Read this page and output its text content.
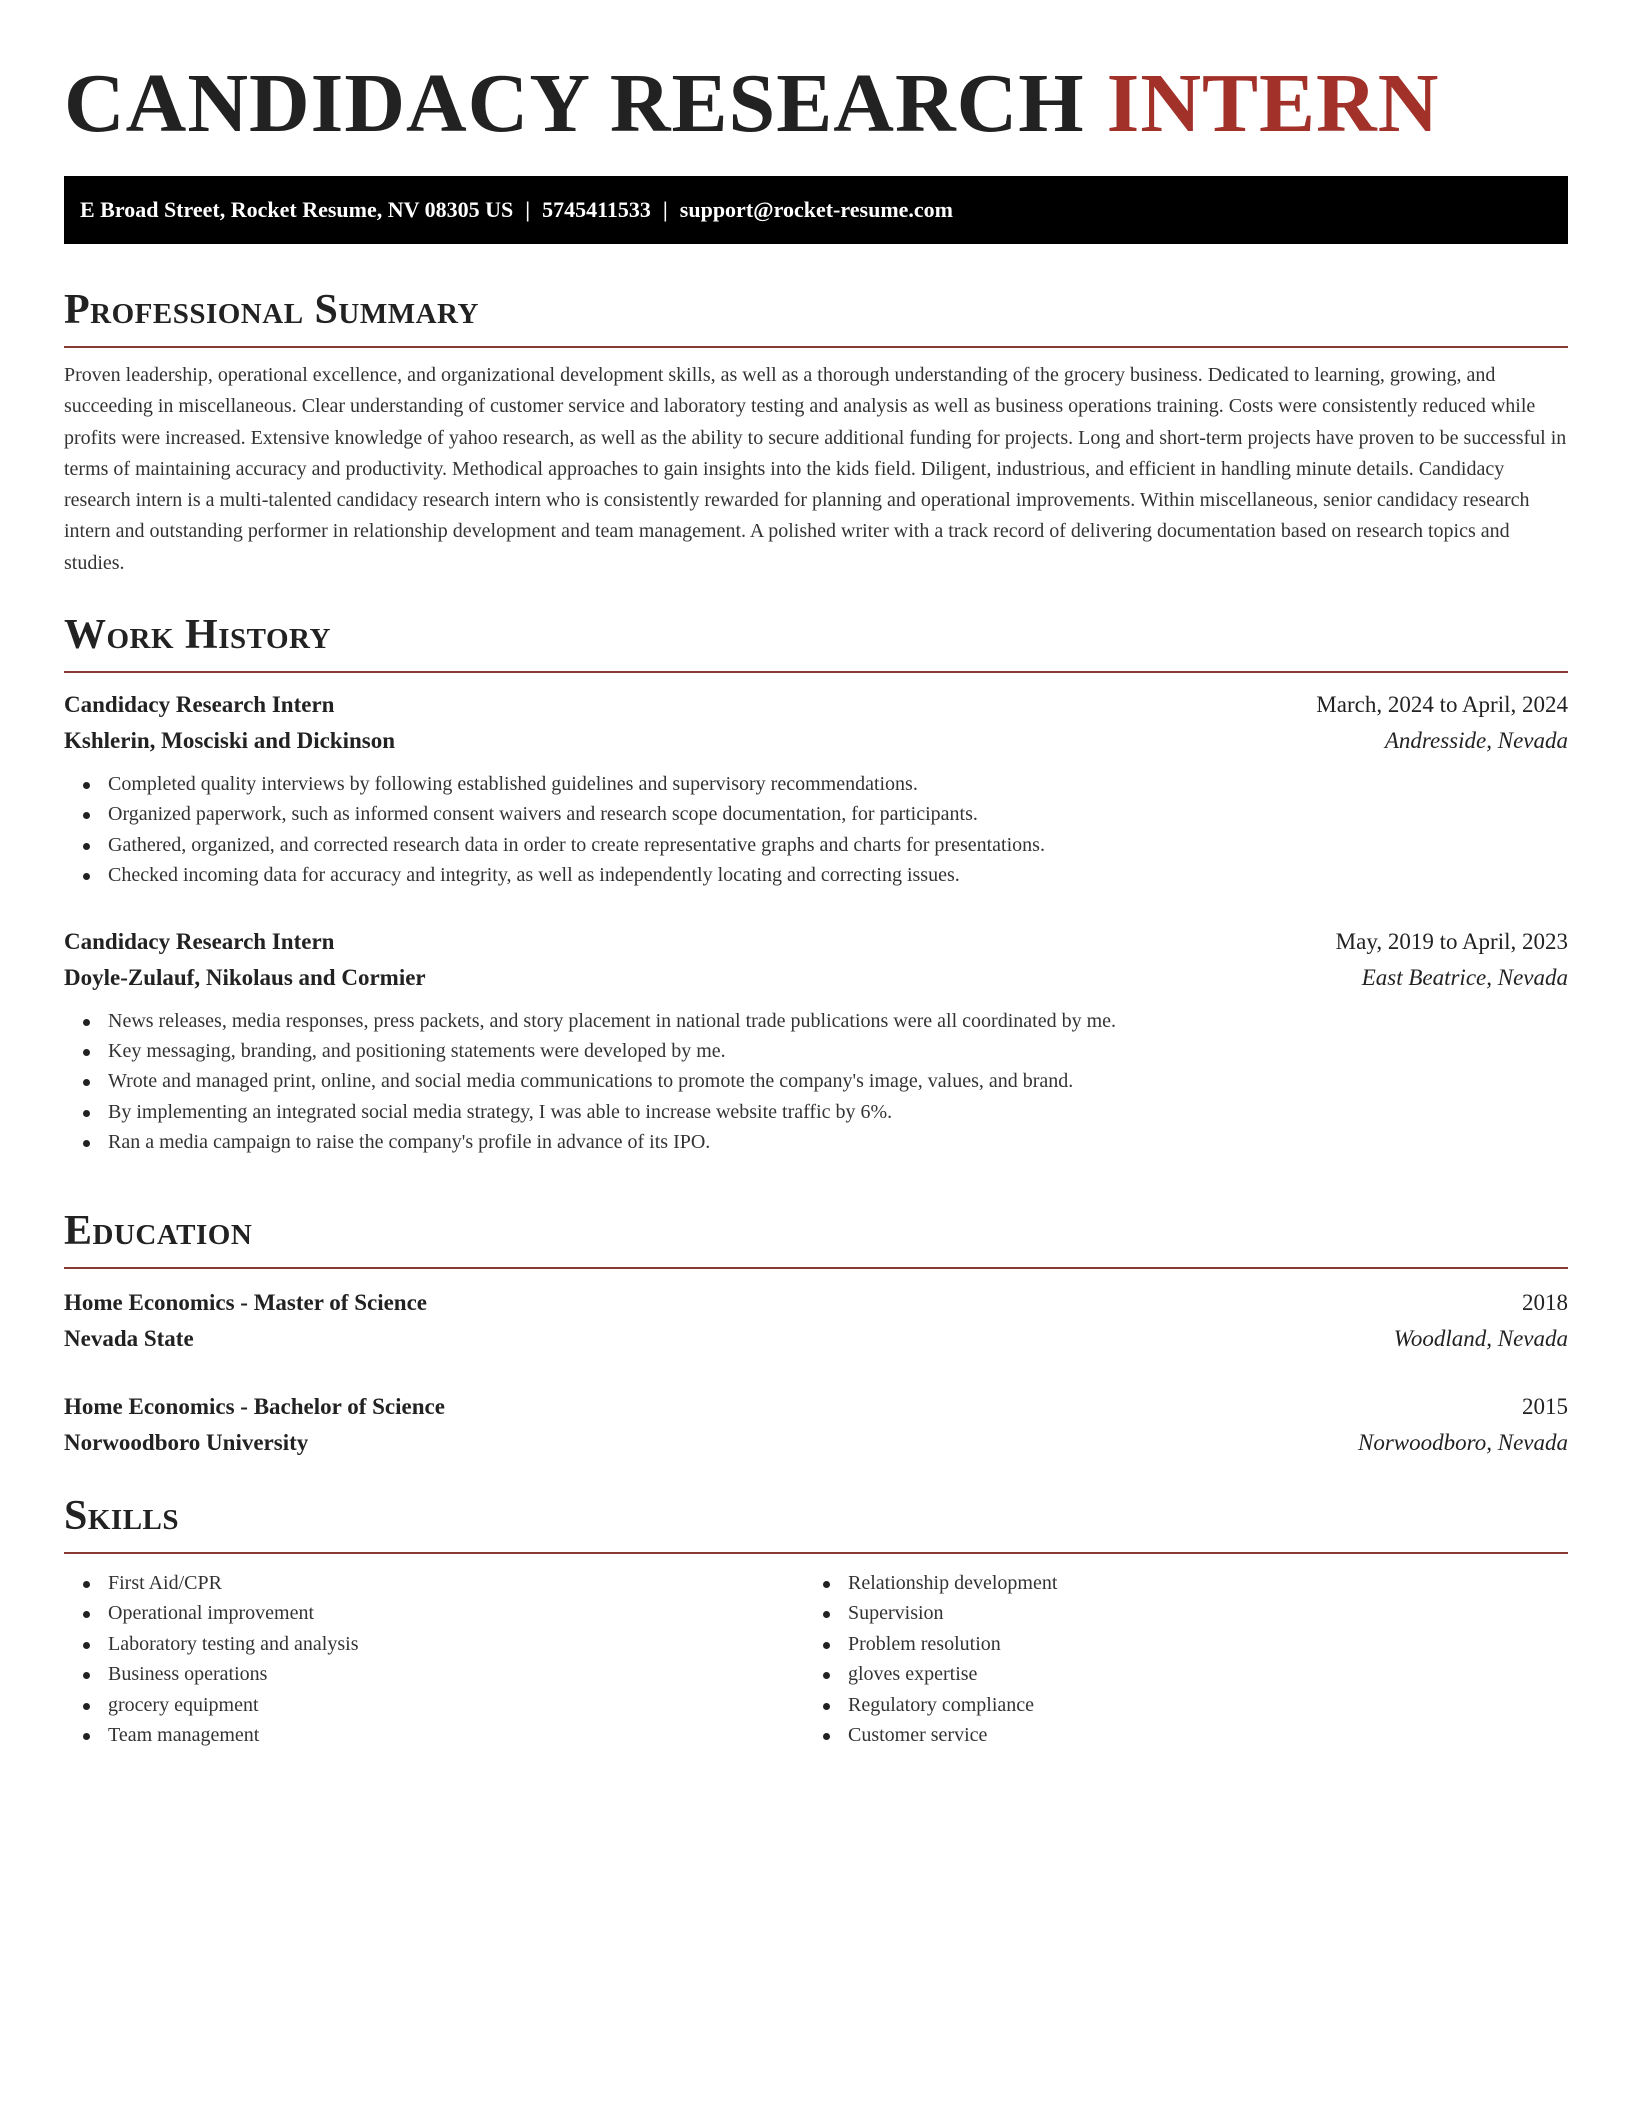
CANDIDACY RESEARCH INTERN
E Broad Street, Rocket Resume, NV 08305 US | 5745411533 | support@rocket-resume.com
Professional Summary

Proven leadership, operational excellence, and organizational development skills, as well as a thorough understanding of the grocery business. Dedicated to learning, growing, and succeeding in miscellaneous. Clear understanding of customer service and laboratory testing and analysis as well as business operations training. Costs were consistently reduced while profits were increased. Extensive knowledge of yahoo research, as well as the ability to secure additional funding for projects. Long and short-term projects have proven to be successful in terms of maintaining accuracy and productivity. Methodical approaches to gain insights into the kids field. Diligent, industrious, and efficient in handling minute details. Candidacy research intern is a multi-talented candidacy research intern who is consistently rewarded for planning and operational improvements. Within miscellaneous, senior candidacy research intern and outstanding performer in relationship development and team management. A polished writer with a track record of delivering documentation based on research topics and studies.

Work History
Candidacy Research Intern	March, 2024 to April, 2024
Kshlerin, Mosciski and Dickinson	Andresside, Nevada
Completed quality interviews by following established guidelines and supervisory recommendations.
Organized paperwork, such as informed consent waivers and research scope documentation, for participants.
Gathered, organized, and corrected research data in order to create representative graphs and charts for presentations.
Checked incoming data for accuracy and integrity, as well as independently locating and correcting issues.
Candidacy Research Intern	May, 2019 to April, 2023
Doyle-Zulauf, Nikolaus and Cormier	East Beatrice, Nevada
News releases, media responses, press packets, and story placement in national trade publications were all coordinated by me.
Key messaging, branding, and positioning statements were developed by me.
Wrote and managed print, online, and social media communications to promote the company's image, values, and brand.
By implementing an integrated social media strategy, I was able to increase website traffic by 6%.
Ran a media campaign to raise the company's profile in advance of its IPO.
Education
Home Economics - Master of Science	2018
Nevada State	Woodland, Nevada
Home Economics - Bachelor of Science	2015
Norwoodboro University	Norwoodboro, Nevada
Skills
First Aid/CPR
Operational improvement
Laboratory testing and analysis
Business operations
grocery equipment
Team management
Relationship development
Supervision
Problem resolution
gloves expertise
Regulatory compliance
Customer service
